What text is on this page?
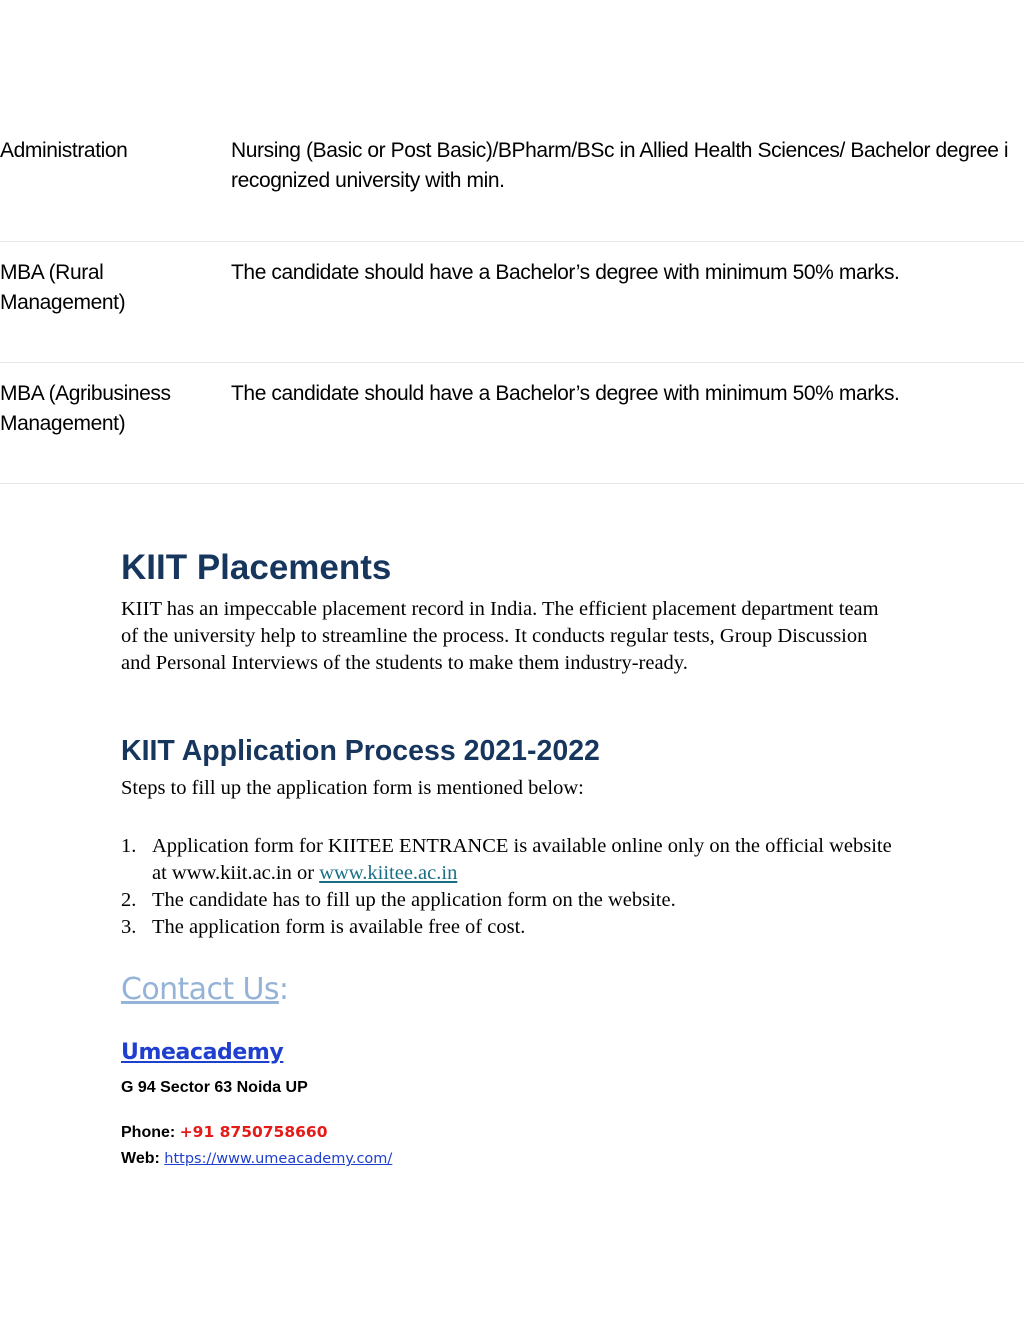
Administration	Nursing (Basic or Post Basic)/BPharm/BSc in Allied Health Sciences/ Bachelor degree i
recognized university with min.
MBA (Rural Management)
The candidate should have a Bachelor’s degree with minimum 50% marks.
MBA (Agribusiness Management)
The candidate should have a Bachelor’s degree with minimum 50% marks.
KIIT Placements

KIIT has an impeccable placement record in India. The efficient placement department team of the university help to streamline the process. It conducts regular tests, Group Discussion and Personal Interviews of the students to make them industry-ready.

KIIT Application Process 2021-2022

Steps to fill up the application form is mentioned below:

1. Application form for KIITEE ENTRANCE is available online only on the official website at www.kiit.ac.in or www.kiitee.ac.in
2. The candidate has to fill up the application form on the website.
3. The application form is available free of cost.
Contact Us:
Umeacademy
G 94 Sector 63 Noida UP
Phone: +91 8750758660
Web: https://www.umeacademy.com/
